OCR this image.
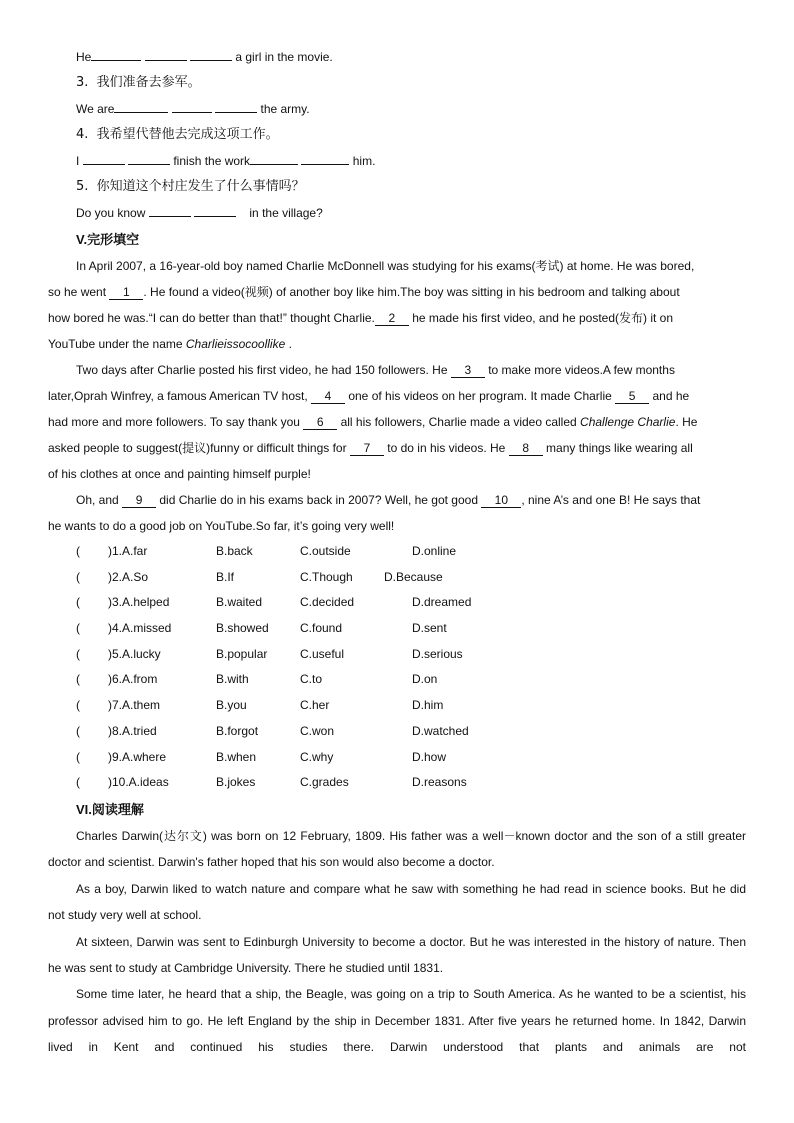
He	a girl in the movie.
3. 我们准备去参军。
We are	the army.
4. 我希望代替他去完成这项工作。
I	finish the work	him.
5. 你知道这个村庄发生了什么事情吗？
Do you know	in the village?
V.完形填空
In April 2007, a 16-year-old boy named Charlie McDonnell was studying for his exams(考试) at home. He was bored,
so he went 1 . He found a video(视频) of another boy like him.The boy was sitting in his bedroom and talking about
how bored he was.“I can do better than that!” thought Charlie. 2 he made his first video, and he posted(发布) it on
YouTube under the name Charlieissocoollike .
Two days after Charlie posted his first video, he had 150 followers. He 3 to make more videos.A few months
later,Oprah Winfrey, a famous American TV host, 4 one of his videos on her program. It made Charlie 5 and he
had more and more followers. To say thank you 6 all his followers, Charlie made a video called Challenge Charlie. He
asked people to suggest(提议)funny or difficult things for 7 to do in his videos. He 8 many things like wearing all
of his clothes at once and painting himself purple!
Oh, and 9 did Charlie do in his exams back in 2007? Well, he got good 10 , nine A’s and one B! He says that
he wants to do a good job on YouTube.So far, it’s going very well!
( )1.A.far	B.back	C.outside	D.online
( )2.A.So	B.If	C.Though	D.Because
( )3.A.helped	B.waited	C.decided	D.dreamed
( )4.A.missed	B.showed	C.found	D.sent
( )5.A.lucky	B.popular	C.useful	D.serious
( )6.A.from	B.with	C.to	D.on
( )7.A.them	B.you	C.her	D.him
( )8.A.tried	B.forgot	C.won	D.watched
( )9.A.where	B.when	C.why	D.how
( )10.A.ideas	B.jokes	C.grades	D.reasons
VI.阅读理解

Charles Darwin(达尔文) was born on 12 February, 1809. His father was a well－known doctor and the son of a still greater doctor and scientist. Darwin's father hoped that his son would also become a doctor.

As a boy, Darwin liked to watch nature and compare what he saw with something he had read in science books. But he did not study very well at school.

At sixteen, Darwin was sent to Edinburgh University to become a doctor. But he was interested in the history of nature. Then he was sent to study at Cambridge University. There he studied until 1831.

Some time later, he heard that a ship, the Beagle, was going on a trip to South America. As he wanted to be a scientist, his professor advised him to go. He left England by the ship in December 1831. After five years he returned home. In 1842, Darwin lived in Kent and continued his studies there. Darwin understood that plants and animals are not
